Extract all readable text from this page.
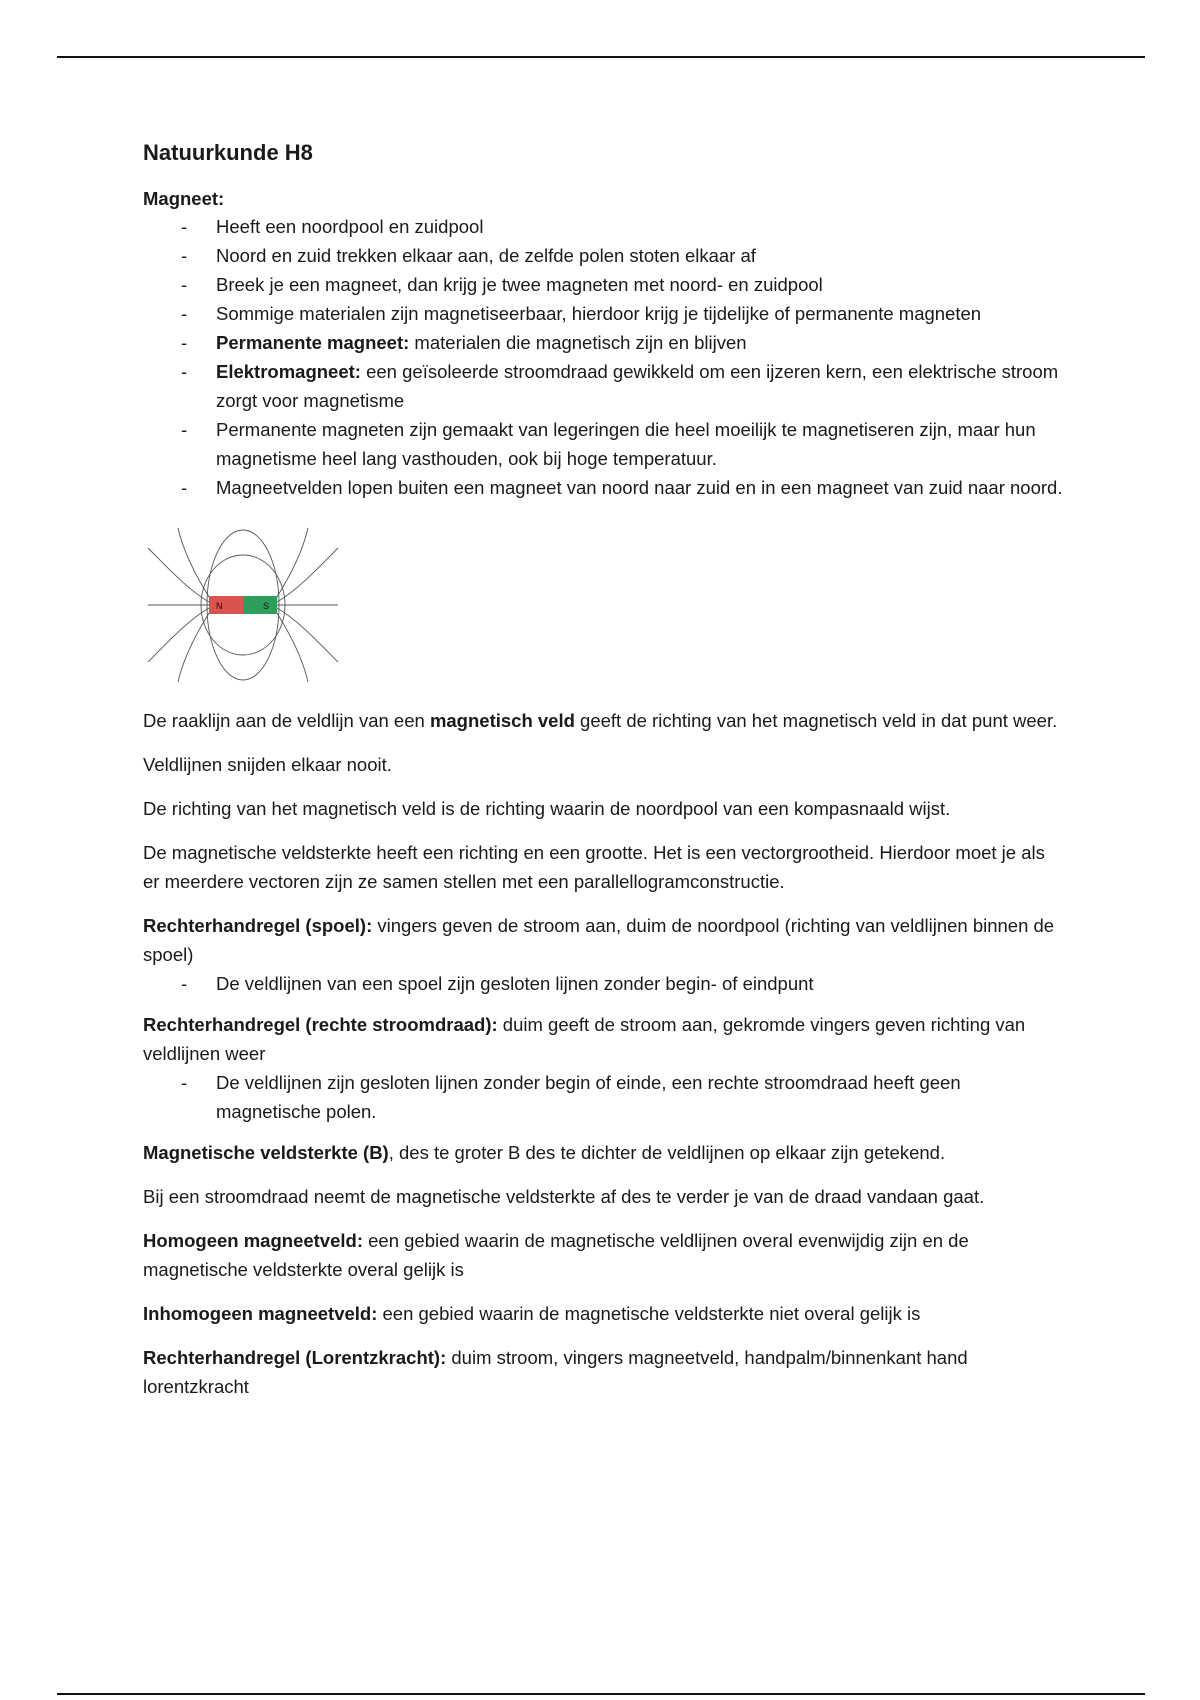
Natuurkunde H8
Magneet:
- Heeft een noordpool en zuidpool
- Noord en zuid trekken elkaar aan, de zelfde polen stoten elkaar af
- Breek je een magneet, dan krijg je twee magneten met noord- en zuidpool
- Sommige materialen zijn magnetiseerbaar, hierdoor krijg je tijdelijke of permanente magneten
- Permanente magneet: materialen die magnetisch zijn en blijven
- Elektromagneet: een geïsoleerde stroomdraad gewikkeld om een ijzeren kern, een elektrische stroom zorgt voor magnetisme
- Permanente magneten zijn gemaakt van legeringen die heel moeilijk te magnetiseren zijn, maar hun magnetisme heel lang vasthouden, ook bij hoge temperatuur.
- Magneetvelden lopen buiten een magneet van noord naar zuid en in een magneet van zuid naar noord.
N	S

De raaklijn aan de veldlijn van een magnetisch veld geeft de richting van het magnetisch veld in dat punt weer.

Veldlijnen snijden elkaar nooit.

De richting van het magnetisch veld is de richting waarin de noordpool van een kompasnaald wijst.

De magnetische veldsterkte heeft een richting en een grootte. Het is een vectorgrootheid. Hierdoor moet je als er meerdere vectoren zijn ze samen stellen met een parallellogramconstructie.

Rechterhandregel (spoel): vingers geven de stroom aan, duim de noordpool (richting van veldlijnen binnen de spoel)

- De veldlijnen van een spoel zijn gesloten lijnen zonder begin- of eindpunt

Rechterhandregel (rechte stroomdraad): duim geeft de stroom aan, gekromde vingers geven richting van veldlijnen weer

- De veldlijnen zijn gesloten lijnen zonder begin of einde, een rechte stroomdraad heeft geen magnetische polen.

Magnetische veldsterkte (B), des te groter B des te dichter de veldlijnen op elkaar zijn getekend.

Bij een stroomdraad neemt de magnetische veldsterkte af des te verder je van de draad vandaan gaat.

Homogeen magneetveld: een gebied waarin de magnetische veldlijnen overal evenwijdig zijn en de magnetische veldsterkte overal gelijk is

Inhomogeen magneetveld: een gebied waarin de magnetische veldsterkte niet overal gelijk is

Rechterhandregel (Lorentzkracht): duim stroom, vingers magneetveld, handpalm/binnenkant hand lorentzkracht
